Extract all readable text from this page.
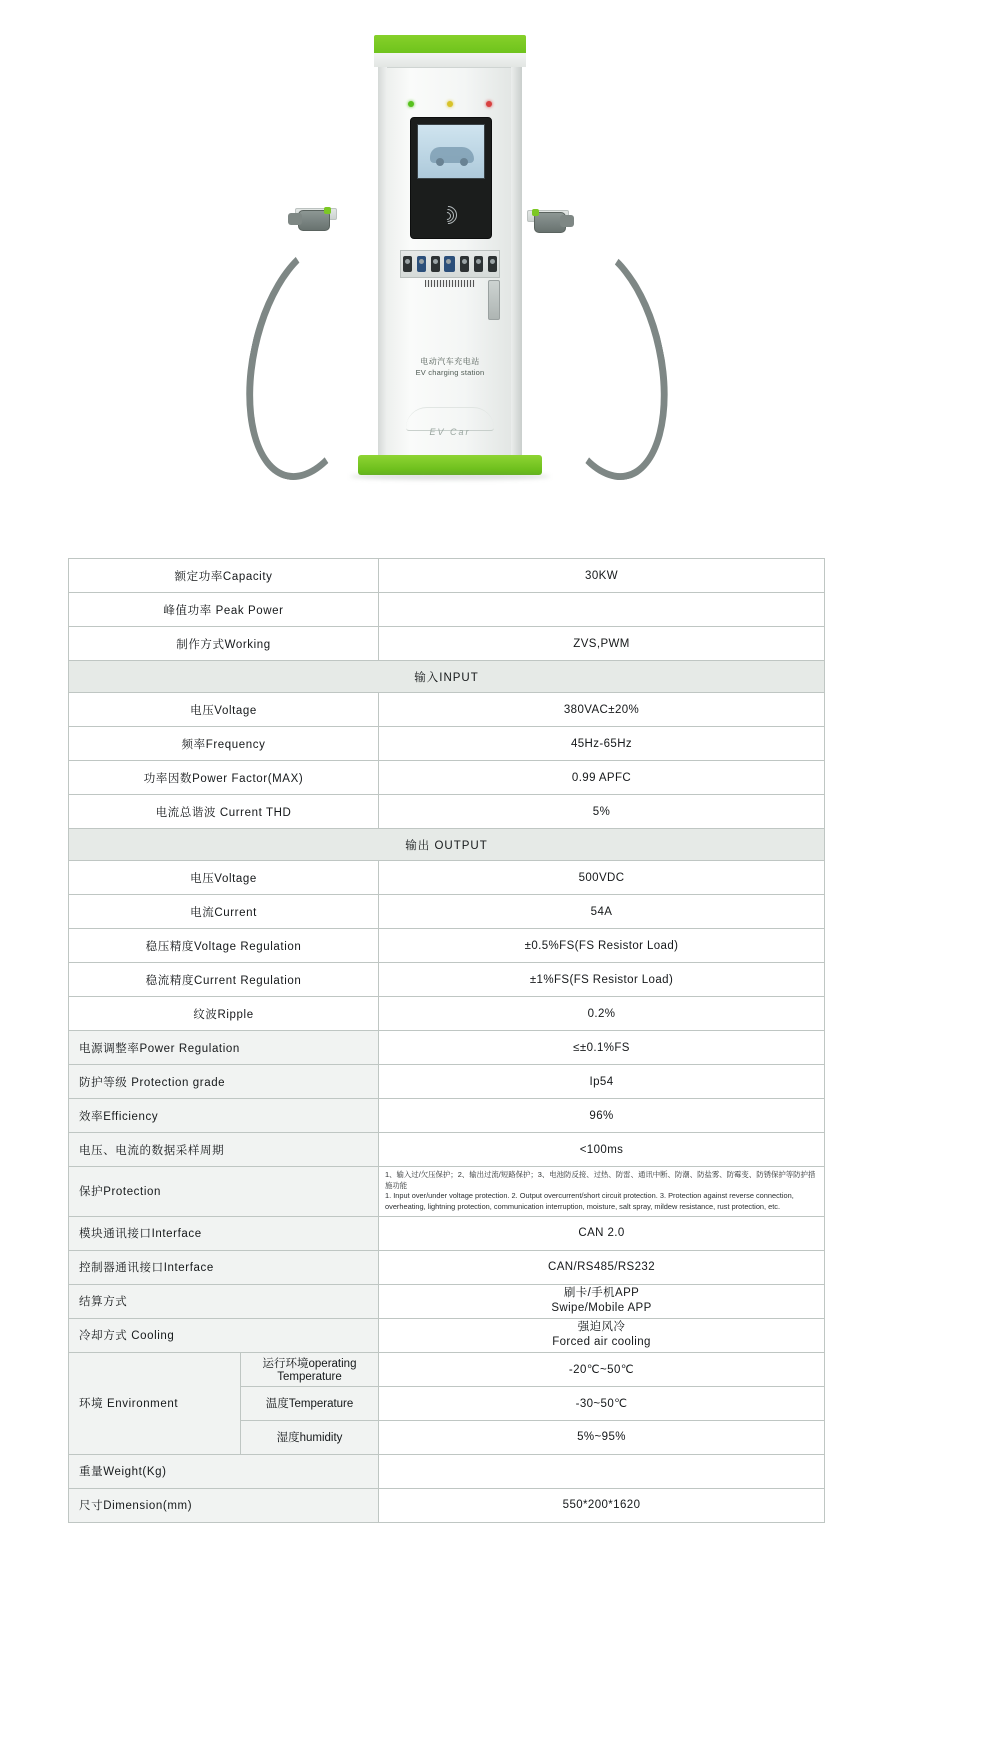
电动汽车充电站
EV charging station
EV Car
额定功率Capacity		30KW
峰值功率 Peak Power		
制作方式Working		ZVS,PWM
输入INPUT		
电压Voltage		380VAC±20%
频率Frequency		45Hz-65Hz
功率因数Power Factor(MAX)		0.99 APFC
电流总谐波 Current THD		5%
输出 OUTPUT		
电压Voltage		500VDC
电流Current		54A
稳压精度Voltage Regulation		±0.5%FS(FS Resistor Load)
稳流精度Current Regulation		±1%FS(FS Resistor Load)
纹波Ripple		0.2%
电源调整率Power Regulation		≤±0.1%FS
防护等级 Protection grade		Ip54
效率Efficiency		96%
电压、电流的数据采样周期		<100ms
保护Protection		1、输入过/欠压保护；2、输出过流/短路保护；3、电池防反接、过热、防雷、通讯中断、防潮、防盐雾、防霉变、防锈保护等防护措施功能
1. Input over/under voltage protection. 2. Output overcurrent/short circuit protection. 3. Protection against reverse connection, overheating, lightning protection, communication interruption, moisture, salt spray, mildew resistance, rust protection, etc.

模块通讯接口Interface		CAN 2.0
控制器通讯接口Interface		CAN/RS485/RS232
结算方式		刷卡/手机APP
Swipe/Mobile APP

冷却方式 Cooling		强迫风冷
Forced air cooling

环境 Environment	运行环境operating Temperature	-20℃~50℃
	温度Temperature	-30~50℃
	湿度humidity	5%~95%
重量Weight(Kg)		
尺寸Dimension(mm)		550*200*1620
